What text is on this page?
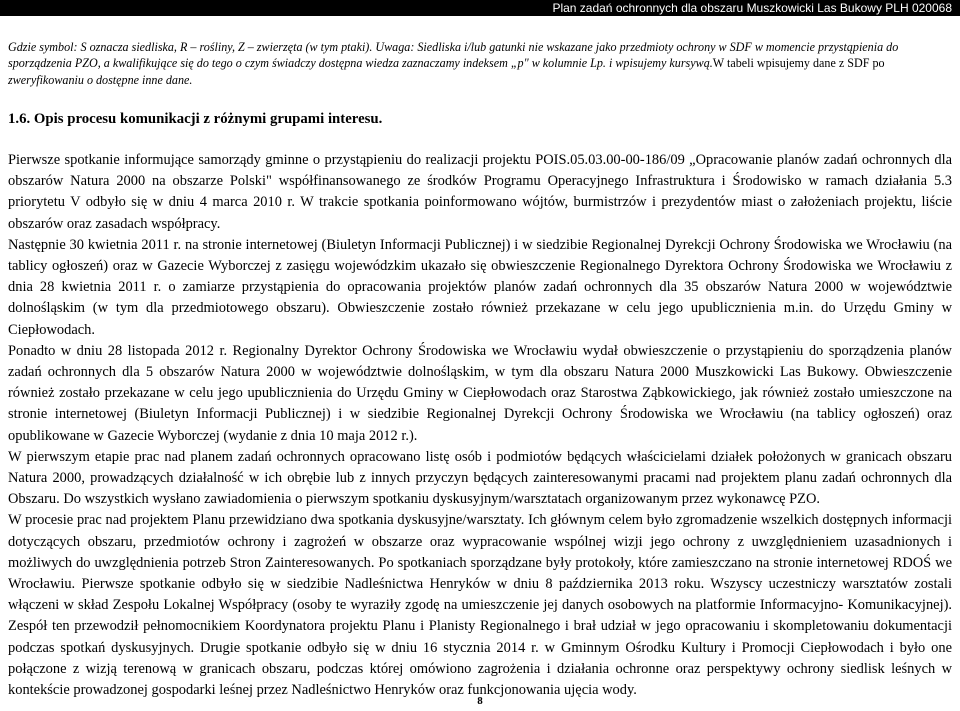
Plan zadań ochronnych dla obszaru Muszkowicki Las Bukowy PLH 020068

Gdzie symbol: S oznacza siedliska, R – rośliny, Z – zwierzęta (w tym ptaki). Uwaga: Siedliska i/lub gatunki nie wskazane jako przedmioty ochrony w SDF w momencie przystąpienia do sporządzenia PZO, a kwalifikujące się do tego o czym świadczy dostępna wiedza zaznaczamy indeksem „p" w kolumnie Lp. i wpisujemy kursywą.W tabeli wpisujemy dane z SDF po zweryfikowaniu o dostępne inne dane.

1.6. Opis procesu komunikacji z różnymi grupami interesu.

Pierwsze spotkanie informujące samorządy gminne o przystąpieniu do realizacji projektu POIS.05.03.00-00-186/09 „Opracowanie planów zadań ochronnych dla obszarów Natura 2000 na obszarze Polski" współfinansowanego ze środków Programu Operacyjnego Infrastruktura i Środowisko w ramach działania 5.3 priorytetu V odbyło się w dniu 4 marca 2010 r. W trakcie spotkania poinformowano wójtów, burmistrzów i prezydentów miast o założeniach projektu, liście obszarów oraz zasadach współpracy.

Następnie 30 kwietnia 2011 r. na stronie internetowej (Biuletyn Informacji Publicznej) i w siedzibie Regionalnej Dyrekcji Ochrony Środowiska we Wrocławiu (na tablicy ogłoszeń) oraz w Gazecie Wyborczej z zasięgu wojewódzkim ukazało się obwieszczenie Regionalnego Dyrektora Ochrony Środowiska we Wrocławiu z dnia 28 kwietnia 2011 r. o zamiarze przystąpienia do opracowania projektów planów zadań ochronnych dla 35 obszarów Natura 2000 w województwie dolnośląskim (w tym dla przedmiotowego obszaru). Obwieszczenie zostało również przekazane w celu jego upublicznienia m.in. do Urzędu Gminy w Ciepłowodach.

Ponadto w dniu 28 listopada 2012 r. Regionalny Dyrektor Ochrony Środowiska we Wrocławiu wydał obwieszczenie o przystąpieniu do sporządzenia planów zadań ochronnych dla 5 obszarów Natura 2000 w województwie dolnośląskim, w tym dla obszaru Natura 2000 Muszkowicki Las Bukowy. Obwieszczenie również zostało przekazane w celu jego upublicznienia do Urzędu Gminy w Ciepłowodach oraz Starostwa Ząbkowickiego, jak również zostało umieszczone na stronie internetowej (Biuletyn Informacji Publicznej) i w siedzibie Regionalnej Dyrekcji Ochrony Środowiska we Wrocławiu (na tablicy ogłoszeń) oraz opublikowane w Gazecie Wyborczej (wydanie z dnia 10 maja 2012 r.).

W pierwszym etapie prac nad planem zadań ochronnych opracowano listę osób i podmiotów będących właścicielami działek położonych w granicach obszaru Natura 2000, prowadzących działalność w ich obrębie lub z innych przyczyn będących zainteresowanymi pracami nad projektem planu zadań ochronnych dla Obszaru. Do wszystkich wysłano zawiadomienia o pierwszym spotkaniu dyskusyjnym/warsztatach organizowanym przez wykonawcę PZO.

W procesie prac nad projektem Planu przewidziano dwa spotkania dyskusyjne/warsztaty. Ich głównym celem było zgromadzenie wszelkich dostępnych informacji dotyczących obszaru, przedmiotów ochrony i zagrożeń w obszarze oraz wypracowanie wspólnej wizji jego ochrony z uwzględnieniem uzasadnionych i możliwych do uwzględnienia potrzeb Stron Zainteresowanych. Po spotkaniach sporządzane były protokoły, które zamieszczano na stronie internetowej RDOŚ we Wrocławiu. Pierwsze spotkanie odbyło się w siedzibie Nadleśnictwa Henryków w dniu 8 października 2013 roku. Wszyscy uczestniczy warsztatów zostali włączeni w skład Zespołu Lokalnej Współpracy (osoby te wyraziły zgodę na umieszczenie jej danych osobowych na platformie Informacyjno- Komunikacyjnej). Zespół ten przewodził pełnomocnikiem Koordynatora projektu Planu i Planisty Regionalnego i brał udział w jego opracowaniu i skompletowaniu dokumentacji podczas spotkań dyskusyjnych. Drugie spotkanie odbyło się w dniu 16 stycznia 2014 r. w Gminnym Ośrodku Kultury i Promocji Ciepłowodach i było one połączone z wizją terenową w granicach obszaru, podczas której omówiono zagrożenia i działania ochronne oraz perspektywy ochrony siedlisk leśnych w kontekście prowadzonej gospodarki leśnej przez Nadleśnictwo Henryków oraz funkcjonowania ujęcia wody.

8
